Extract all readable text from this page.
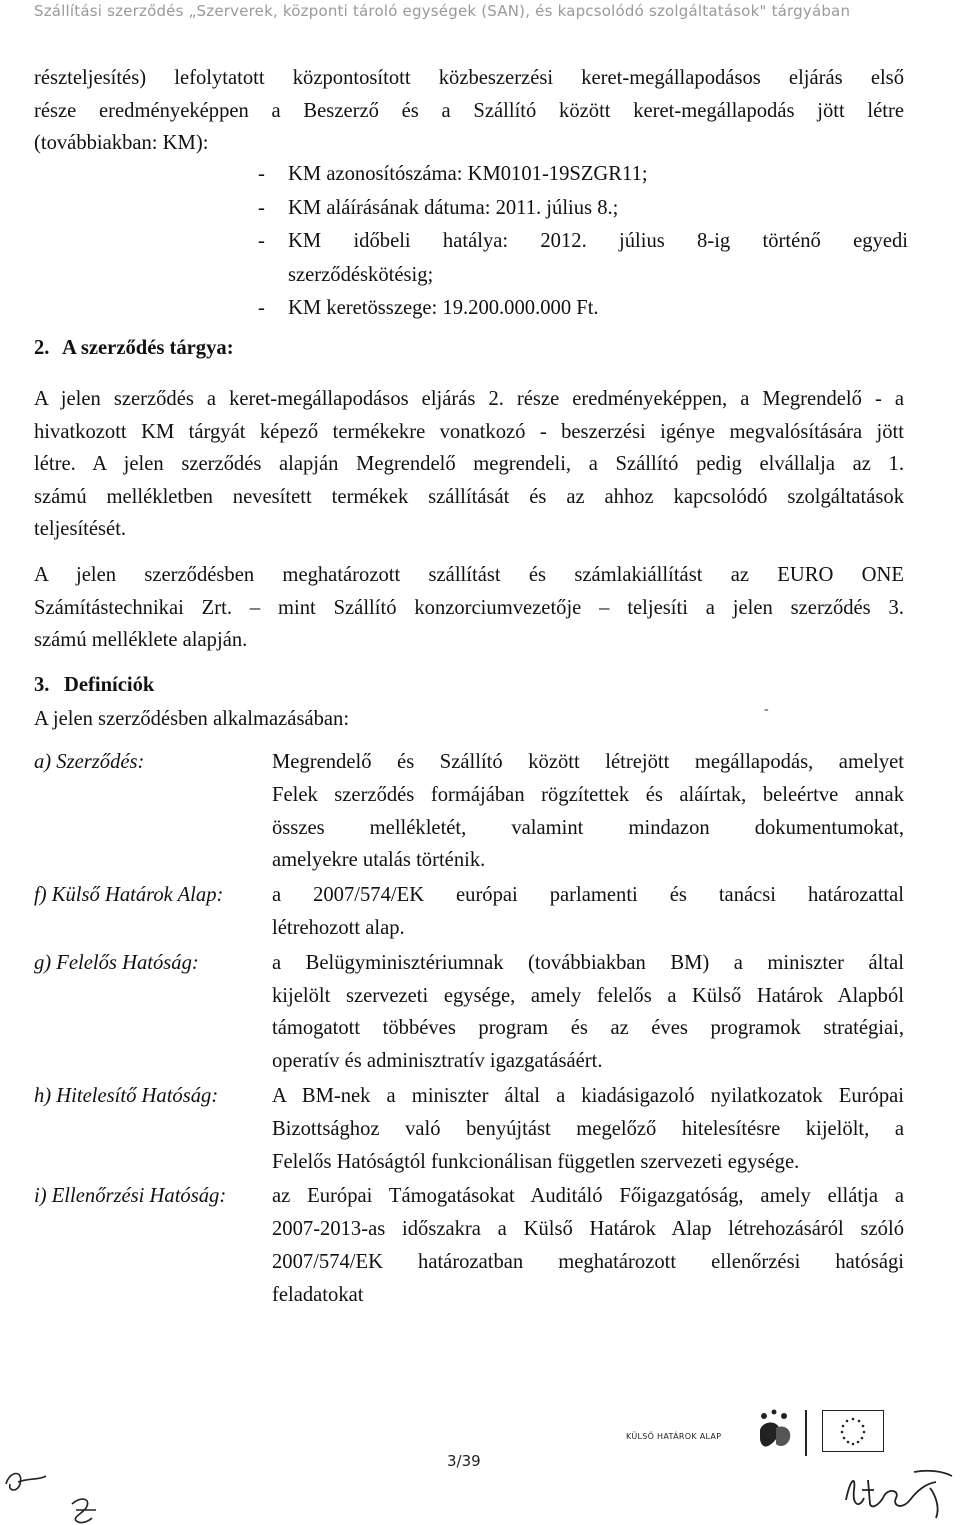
Szállítási szerződés „Szerverek, központi tároló egységek (SAN), és kapcsolódó szolgáltatások" tárgyában
részteljesítés) lefolytatott központosított közbeszerzési keret-megállapodásos eljárás első
része eredményeképpen a Beszerző és a Szállító között keret-megállapodás jött létre
(továbbiakban: KM):
- KM azonosítószáma: KM0101-19SZGR11;
- KM aláírásának dátuma: 2011. július 8.;
- KM időbeli hatálya: 2012. július 8-ig történő egyedi
szerződéskötésig;
- KM keretösszege: 19.200.000.000 Ft.
2. A szerződés tárgya:
A jelen szerződés a keret-megállapodásos eljárás 2. része eredményeképpen, a Megrendelő - a
hivatkozott KM tárgyát képező termékekre vonatkozó - beszerzési igénye megvalósítására jött
létre. A jelen szerződés alapján Megrendelő megrendeli, a Szállító pedig elvállalja az 1.
számú mellékletben nevesített termékek szállítását és az ahhoz kapcsolódó szolgáltatások
teljesítését.
A jelen szerződésben meghatározott szállítást és számlakiállítást az EURO ONE
Számítástechnikai Zrt. – mint Szállító konzorciumvezetője – teljesíti a jelen szerződés 3.
számú melléklete alapján.
3. Definíciók
-
A jelen szerződésben alkalmazásában:
a) Szerződés:	Megrendelő és Szállító között létrejött megállapodás, amelyet
Felek szerződés formájában rögzítettek és aláírtak, beleértve annak
összes mellékletét, valamint mindazon dokumentumokat,
amelyekre utalás történik.
f) Külső Határok Alap: a 2007/574/EK európai parlamenti és tanácsi határozattal
létrehozott alap.
g) Felelős Hatóság:	a Belügyminisztériumnak (továbbiakban BM) a miniszter által
kijelölt szervezeti egysége, amely felelős a Külső Határok Alapból
támogatott többéves program és az éves programok stratégiai,
operatív és adminisztratív igazgatásáért.
h) Hitelesítő Hatóság:	A BM-nek a miniszter által a kiadásigazoló nyilatkozatok Európai
Bizottsághoz való benyújtást megelőző hitelesítésre kijelölt, a
Felelős Hatóságtól funkcionálisan független szervezeti egysége.
i) Ellenőrzési Hatóság: az Európai Támogatásokat Auditáló Főigazgatóság, amely ellátja a
2007-2013-as időszakra a Külső Határok Alap létrehozásáról szóló
2007/574/EK határozatban meghatározott ellenőrzési hatósági
feladatokat
KÜLSŐ HATÁROK ALAP
3/39
